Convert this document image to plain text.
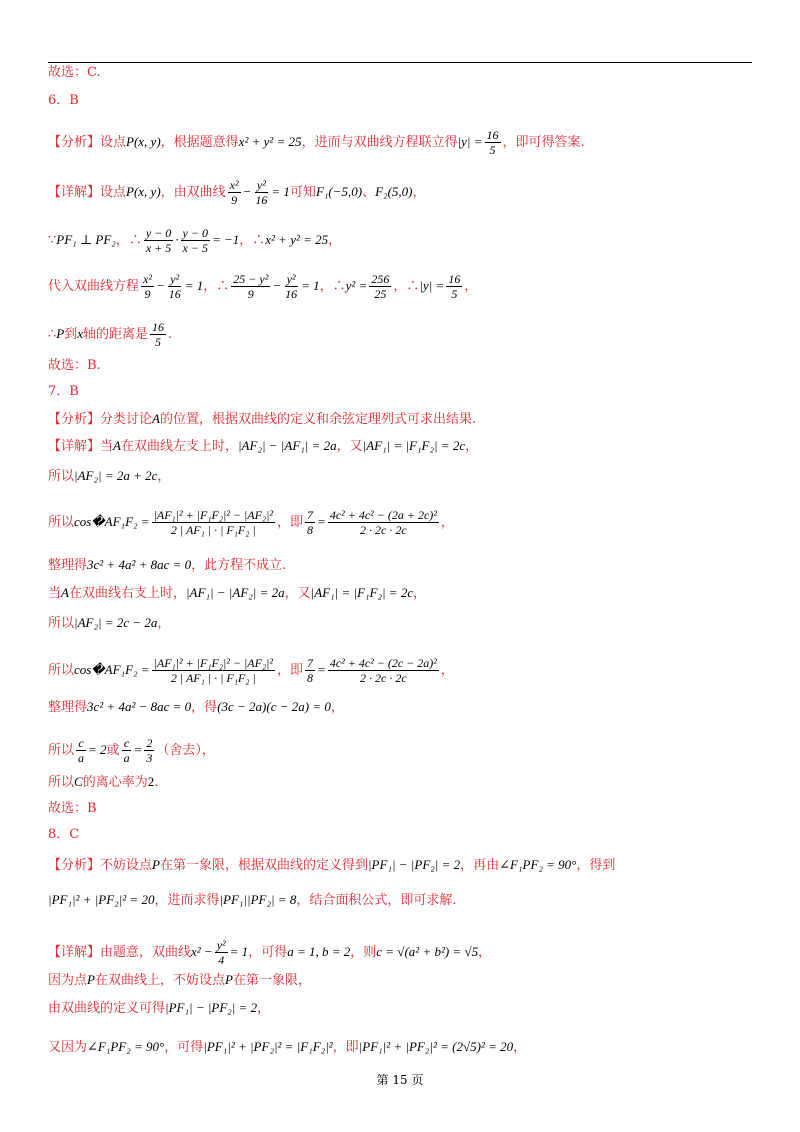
故选：C.
6．B
【分析】设点P(x, y)，根据题意得x² + y² = 25，进而与双曲线方程联立得$|y| = \frac{16}{5}$ ，即可得答案.
【详解】设点P(x, y)，由双曲线 $\frac{\text{x²}}{9} - \frac{\text{y²}}{16} = 1$可知F₁(−5,0)、F₂(5,0)，
∵PF₁ ⊥ PF₂，∴ $\frac{y - 0}{x + 5} \cdot \frac{y - 0}{x - 5} = -1$，∴x² + y² = 25，
代入双曲线方程 $\frac{\text{x²}}{9} - \frac{\text{y²}}{16} = 1$，∴ $\frac{\text{25 − y²}}{9} - \frac{\text{y²}}{16} = 1$，∴y² = $\frac{256}{25}$ ，∴|y| = $\frac{16}{5}$ ，
∴P到x轴的距离是 $\frac{16}{5}$ .
故选：B.
7．B
【分析】分类讨论A的位置，根据双曲线的定义和余弦定理列式可求出结果.
【详解】当A在双曲线左支上时，|AF₂| − |AF₁| = 2a，又|AF₁| = |F₁F₂| = 2c，
所以|AF₂| = 2a + 2c，
所以cos�AF₁F₂ = $\frac{\text{|AF₁|² + |F₁F₂|² − |AF₂|²}}{\text{2 | AF₁ | · | F₁F₂ |}}$ ，即 $\frac{7}{8} = \frac{\text{4c² + 4c² − (2a + 2c)²}}{2 \cdot 2c \cdot 2c}$ ，
整理得3c² + 4a² + 8ac = 0，此方程不成立.
当A在双曲线右支上时，|AF₁| − |AF₂| = 2a，又|AF₁| = |F₁F₂| = 2c，
所以|AF₂| = 2c − 2a，
所以cos�AF₁F₂ = $\frac{\text{|AF₁|² + |F₁F₂|² − |AF₂|²}}{\text{2 | AF₁ | · | F₁F₂ |}}$ ，即 $\frac{7}{8} = \frac{\text{4c² + 4c² − (2c − 2a)²}}{2 \cdot 2c \cdot 2c}$ ，
整理得3c² + 4a² − 8ac = 0，得(3c − 2a)(c − 2a) = 0，
所以 $\frac{c}{a} = 2$或 $\frac{c}{a} = \frac{2}{3}$ （舍去），
所以C的离心率为2.
故选：B
8．C
【分析】不妨设点P在第一象限，根据双曲线的定义得到|PF₁| − |PF₂| = 2，再由∠F₁PF₂ = 90°，得到
|PF₁|² + |PF₂|² = 20，进而求得|PF₁||PF₂| = 8，结合面积公式，即可求解.
【详解】由题意，双曲线$x^2 - \frac{\text{y²}}{4} = 1$，可得a = 1, b = 2，则c = √(a² + b²) = √5，
因为点P在双曲线上，不妨设点P在第一象限，
由双曲线的定义可得|PF₁| − |PF₂| = 2，
又因为∠F₁PF₂ = 90°，可得|PF₁|² + |PF₂|² = |F₁F₂|²，即|PF₁|² + |PF₂|² = (2√5)² = 20，
第 15 页
